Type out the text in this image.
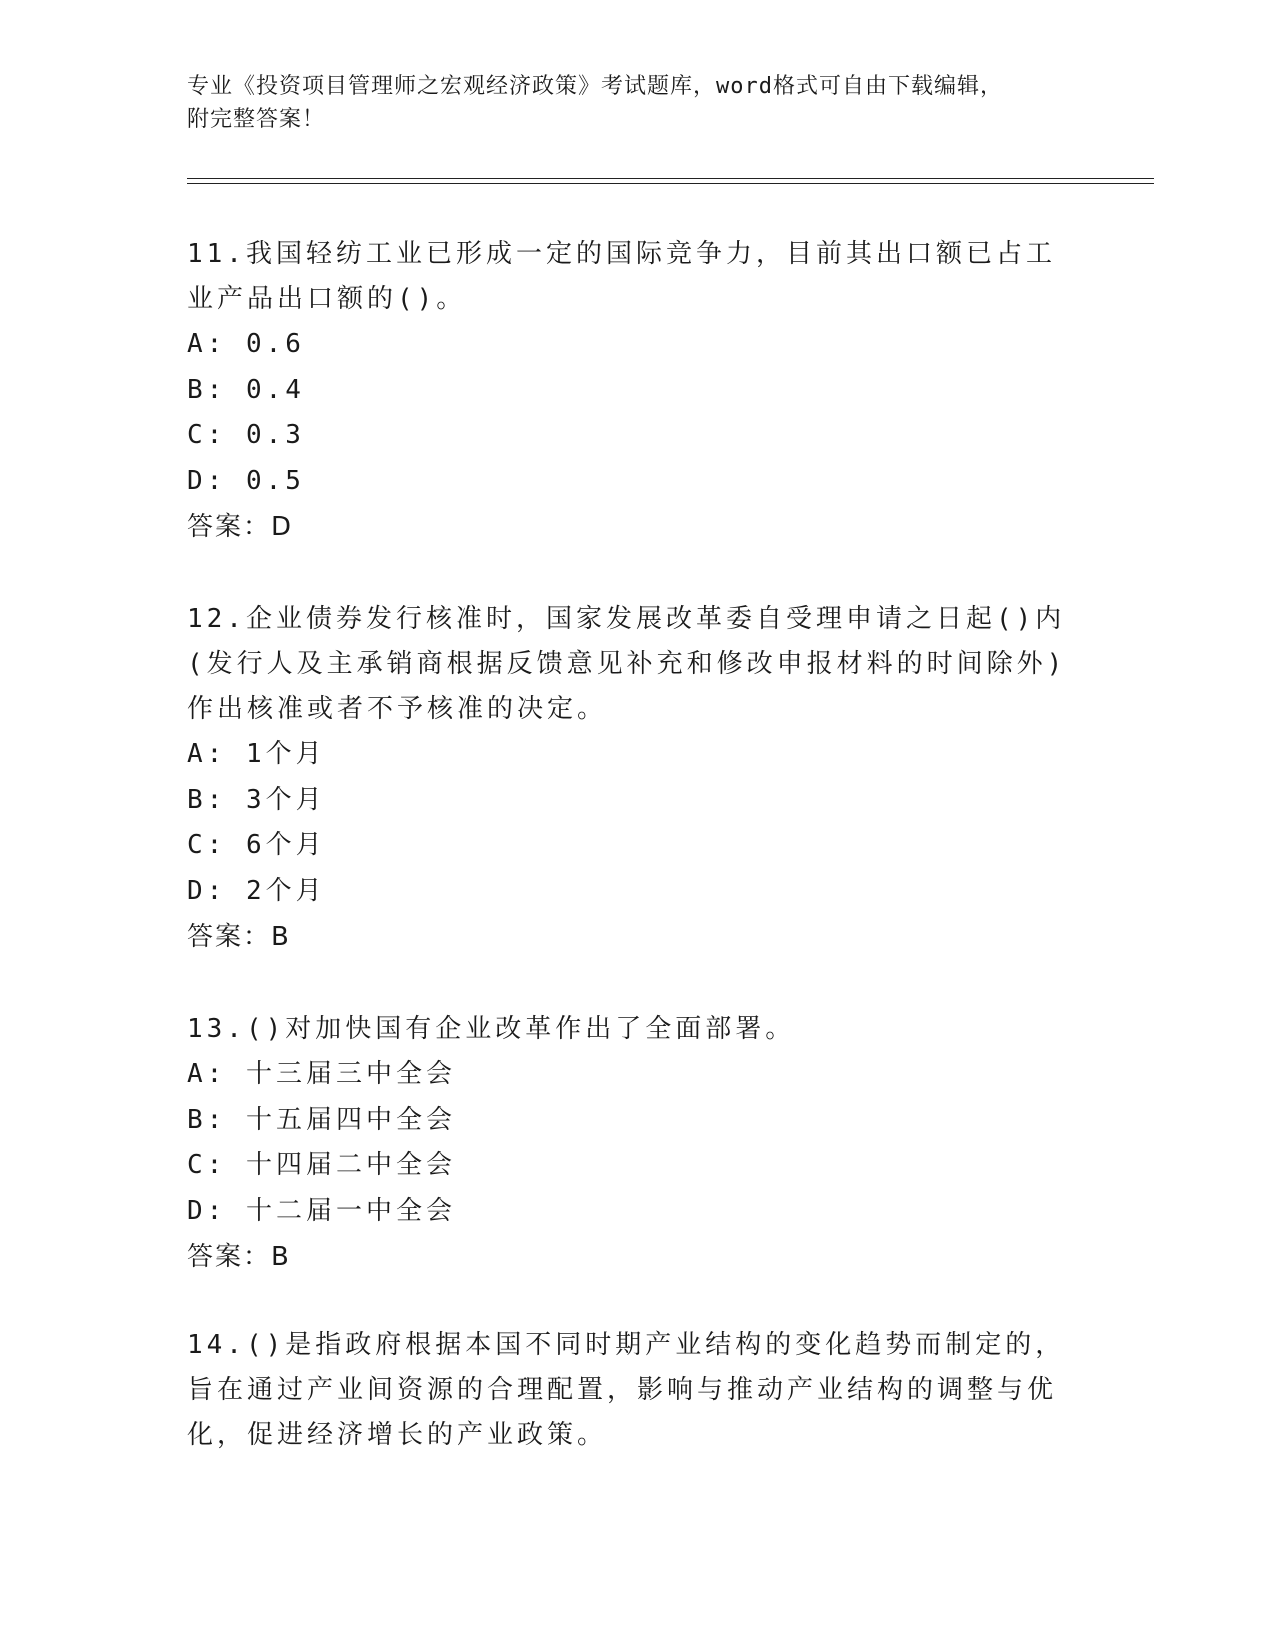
专业《投资项目管理师之宏观经济政策》考试题库，word格式可自由下载编辑，

附完整答案！

11.我国轻纺工业已形成一定的国际竞争力，目前其出口额已占工业产品出口额的()。

A: 0.6

B: 0.4

C: 0.3

D: 0.5

答案：D

12.企业债券发行核准时，国家发展改革委自受理申请之日起()内(发行人及主承销商根据反馈意见补充和修改申报材料的时间除外)作出核准或者不予核准的决定。

A: 1个月

B: 3个月

C: 6个月

D: 2个月

答案：B

13.()对加快国有企业改革作出了全面部署。

A: 十三届三中全会

B: 十五届四中全会

C: 十四届二中全会

D: 十二届一中全会

答案：B

14.()是指政府根据本国不同时期产业结构的变化趋势而制定的，旨在通过产业间资源的合理配置，影响与推动产业结构的调整与优化，促进经济增长的产业政策。
